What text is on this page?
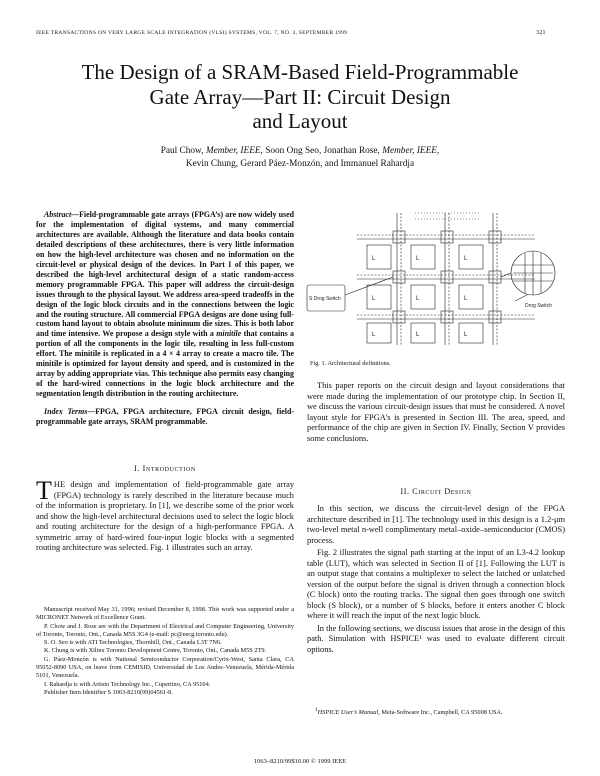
IEEE TRANSACTIONS ON VERY LARGE SCALE INTEGRATION (VLSI) SYSTEMS, VOL. 7, NO. 3, SEPTEMBER 1999	321
The Design of a SRAM-Based Field-Programmable
Gate Array—Part II: Circuit Design
and Layout
Paul Chow, Member, IEEE, Soon Ong Seo, Jonathan Rose, Member, IEEE,
Kevin Chung, Gerard Páez-Monzón, and Immanuel Rahardja

Abstract—Field-programmable gate arrays (FPGA’s) are now widely used for the implementation of digital systems, and many commercial architectures are available. Although the literature and data books contain detailed descriptions of these architectures, there is very little information on how the high-level architecture was chosen and no information on the circuit-level or physical design of the devices. In Part I of this paper, we described the high-level architectural design of a static random-access memory programmable FPGA. This paper will address the circuit-design issues through to the physical layout. We address area-speed tradeoffs in the design of the logic block circuits and in the connections between the logic and the routing structure. All commercial FPGA designs are done using full-custom hand layout to obtain absolute minimum die sizes. This is both labor and time intensive. We propose a design style with a minitile that contains a portion of all the components in the logic tile, resulting in less full-custom effort. The minitile is replicated in a 4 × 4 array to create a macro tile. The minitile is optimized for layout density and speed, and is customized in the array by adding appropriate vias. This technique also permits easy changing of the hard-wired connections in the logic block architecture and the segmentation length distribution in the routing architecture.

Index Terms—FPGA, FPGA architecture, FPGA circuit design, field-programmable gate arrays, SRAM programmable.

I. Introduction

THE design and implementation of field-programmable gate array (FPGA) technology is rarely described in the literature because much of the information is proprietary. In [1], we describe some of the prior work and show the high-level architectural decisions used to select the logic block and routing architecture for the design of a high-performance FPGA. A symmetric array of hard-wired four-input logic blocks with a segmented routing architecture was selected. Fig. 1 illustrates such an array.

Manuscript received May 31, 1996; revised December 8, 1998. This work was supported under a MICRONET Network of Excellence Grant.

P. Chow and J. Rose are with the Department of Electrical and Computer Engineering, University of Toronto, Toronto, Ont., Canada M5S 3G4 (e-mail: pc@eecg.toronto.edu).

S. O. Seo is with ATI Technologies, Thornhill, Ont., Canada L3T 7N6.

K. Chung is with Xilinx Toronto Development Centre, Toronto, Ont., Canada M5S 2T9.

G. Páez-Monzón is with National Semiconductor Corporation/Cyrix-West, Santa Clara, CA 95052-8090 USA, on leave from CEMISID, Universidad de Los Andes–Venezuela, Mérida-Mérida 5101, Venezuela.

I. Rahardja is with Artisto Technology Inc., Cupertino, CA 95104.

Publisher Item Identifier S 1063-8210(99)04561-8.

L	L	L
L	L	L
L	L	L
S Drog Switch
Drog Switch
Fig. 1. Architectural definitions.

This paper reports on the circuit design and layout considerations that were made during the implementation of our prototype chip. In Section II, we discuss the various circuit-design issues that must be considered. A novel layout style for FPGA’s is presented in Section III. The area, speed, and performance of the chip are given in Section IV. Finally, Section V provides some conclusions.

II. Circuit Design

In this section, we discuss the circuit-level design of the FPGA architecture described in [1]. The technology used in this design is a 1.2-μm two-level metal n-well complimentary metal–oxide–semiconductor (CMOS) process.

Fig. 2 illustrates the signal path starting at the input of an L3-4.2 lookup table (LUT), which was selected in Section II of [1]. Following the LUT is an output stage that contains a multiplexer to select the latched or unlatched version of the output before the signal is driven through a connection block (C block) onto the routing tracks. The signal then goes through one switch block (S block), or a number of S blocks, before it enters another C block where it will reach the input of the next logic block.

In the following sections, we discuss issues that arose in the design of this path. Simulation with HSPICE¹ was used to evaluate different circuit options.

$^1$HSPICE User’s Manual, Meta-Software Inc., Campbell, CA 95008 USA.

1063–8210/99$10.00 © 1999 IEEE
